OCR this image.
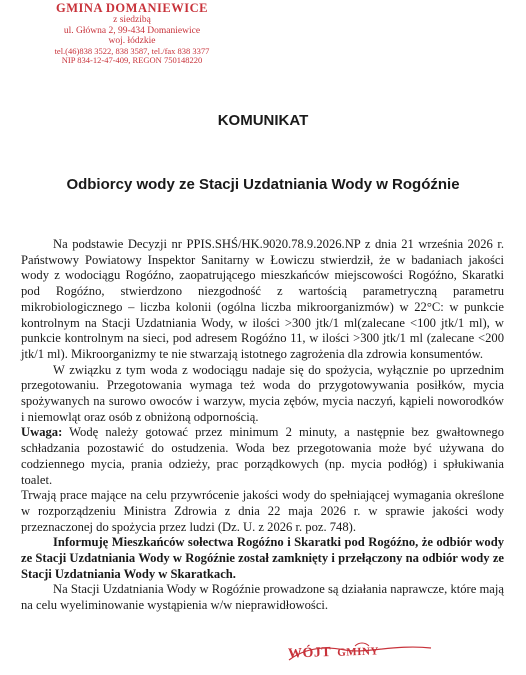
GMINA DOMANIEWICE
z siedzibą
ul. Główna 2, 99-434 Domaniewice
woj. łódzkie
tel.(46)838 3522, 838 3587, tel./fax 838 3377
NIP 834-12-47-409, REGON 750148220
KOMUNIKAT
Odbiorcy wody ze Stacji Uzdatniania Wody w Rogóźnie

Na podstawie Decyzji nr PPIS.SHŚ/HK.9020.78.9.2026.NP z dnia 21 września 2026 r. Państwowy Powiatowy Inspektor Sanitarny w Łowiczu stwierdził, że w badaniach jakości wody z wodociągu Rogóźno, zaopatrującego mieszkańców miejscowości Rogóźno, Skaratki pod Rogóźno, stwierdzono niezgodność z wartością parametryczną parametru mikrobiologicznego – liczba kolonii (ogólna liczba mikroorganizmów) w 22°C: w punkcie kontrolnym na Stacji Uzdatniania Wody, w ilości >300 jtk/1 ml(zalecane <100 jtk/1 ml), w punkcie kontrolnym na sieci, pod adresem Rogóźno 11, w ilości >300 jtk/1 ml (zalecane <200 jtk/1 ml). Mikroorganizmy te nie stwarzają istotnego zagrożenia dla zdrowia konsumentów.

W związku z tym woda z wodociągu nadaje się do spożycia, wyłącznie po uprzednim przegotowaniu. Przegotowania wymaga też woda do przygotowywania posiłków, mycia spożywanych na surowo owoców i warzyw, mycia zębów, mycia naczyń, kąpieli noworodków i niemowląt oraz osób z obniżoną odpornością.

Uwaga: Wodę należy gotować przez minimum 2 minuty, a następnie bez gwałtownego schładzania pozostawić do ostudzenia. Woda bez przegotowania może być używana do codziennego mycia, prania odzieży, prac porządkowych (np. mycia podłóg) i spłukiwania toalet.

Trwają prace mające na celu przywrócenie jakości wody do spełniającej wymagania określone w rozporządzeniu Ministra Zdrowia z dnia 22 maja 2026 r. w sprawie jakości wody przeznaczonej do spożycia przez ludzi (Dz. U. z 2026 r. poz. 748).

Informuję Mieszkańców sołectwa Rogóźno i Skaratki pod Rogóźno, że odbiór wody ze Stacji Uzdatniania Wody w Rogóźnie został zamknięty i przełączony na odbiór wody ze Stacji Uzdatniania Wody w Skaratkach.

Na Stacji Uzdatniania Wody w Rogóźnie prowadzone są działania naprawcze, które mają na celu wyeliminowanie wystąpienia w/w nieprawidłowości.

WÓJT GMINY
